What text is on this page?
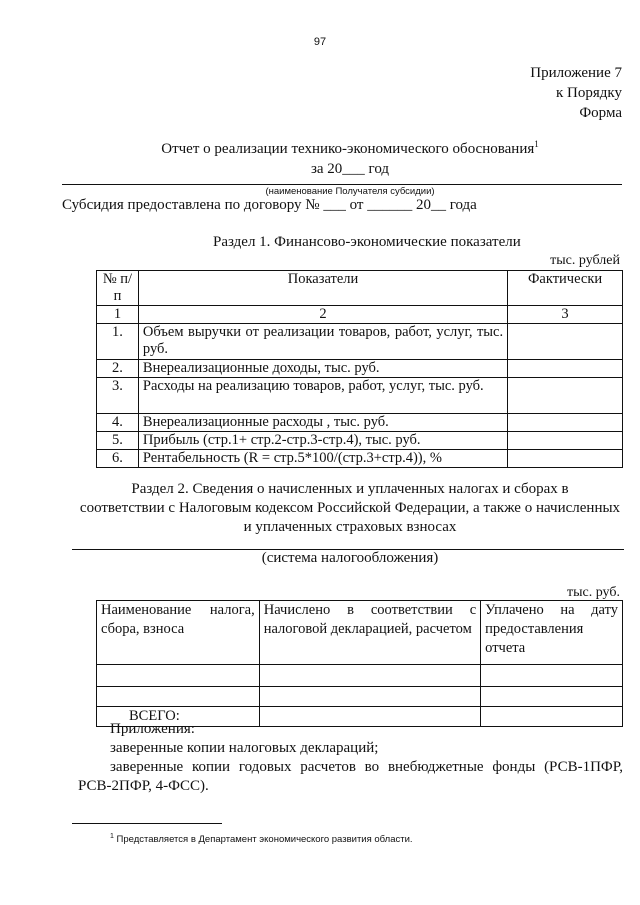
97
Приложение 7
к Порядку
Форма
Отчет о реализации технико-экономического обоснования$^1$
за 20___ год
(наименование Получателя субсидии)
Субсидия предоставлена по договору № ___ от ______ 20__ года
Раздел 1. Финансово-экономические показатели
тыс. рублей
№ п/п	Показатели	Фактически
1	2	3
1.	Объем выручки от реализации товаров, работ, услуг, тыс. руб.	
2.	Внереализационные доходы, тыс. руб.	
3.	Расходы на реализацию товаров, работ, услуг, тыс. руб.	
4.	Внереализационные расходы , тыс. руб.	
5.	Прибыль (стр.1+ стр.2-стр.3-стр.4), тыс. руб.	
6.	Рентабельность (R = стр.5*100/(стр.3+стр.4)), %	
Раздел 2. Сведения о начисленных и уплаченных налогах и сборах в
соответствии с Налоговым кодексом Российской Федерации, а также о начисленных
и уплаченных страховых взносах
(система налогообложения)
тыс. руб.
Наименование налога, сбора, взноса	Начислено в соответствии с налоговой декларацией, расчетом	Уплачено на дату предоставления отчета

ВСЕГО:		
Приложения:
заверенные копии налоговых деклараций;
заверенные копии годовых расчетов во внебюджетные фонды (РСВ-1ПФР, РСВ-2ПФР, 4-ФСС).
$^1$ Представляется в Департамент экономического развития области.
